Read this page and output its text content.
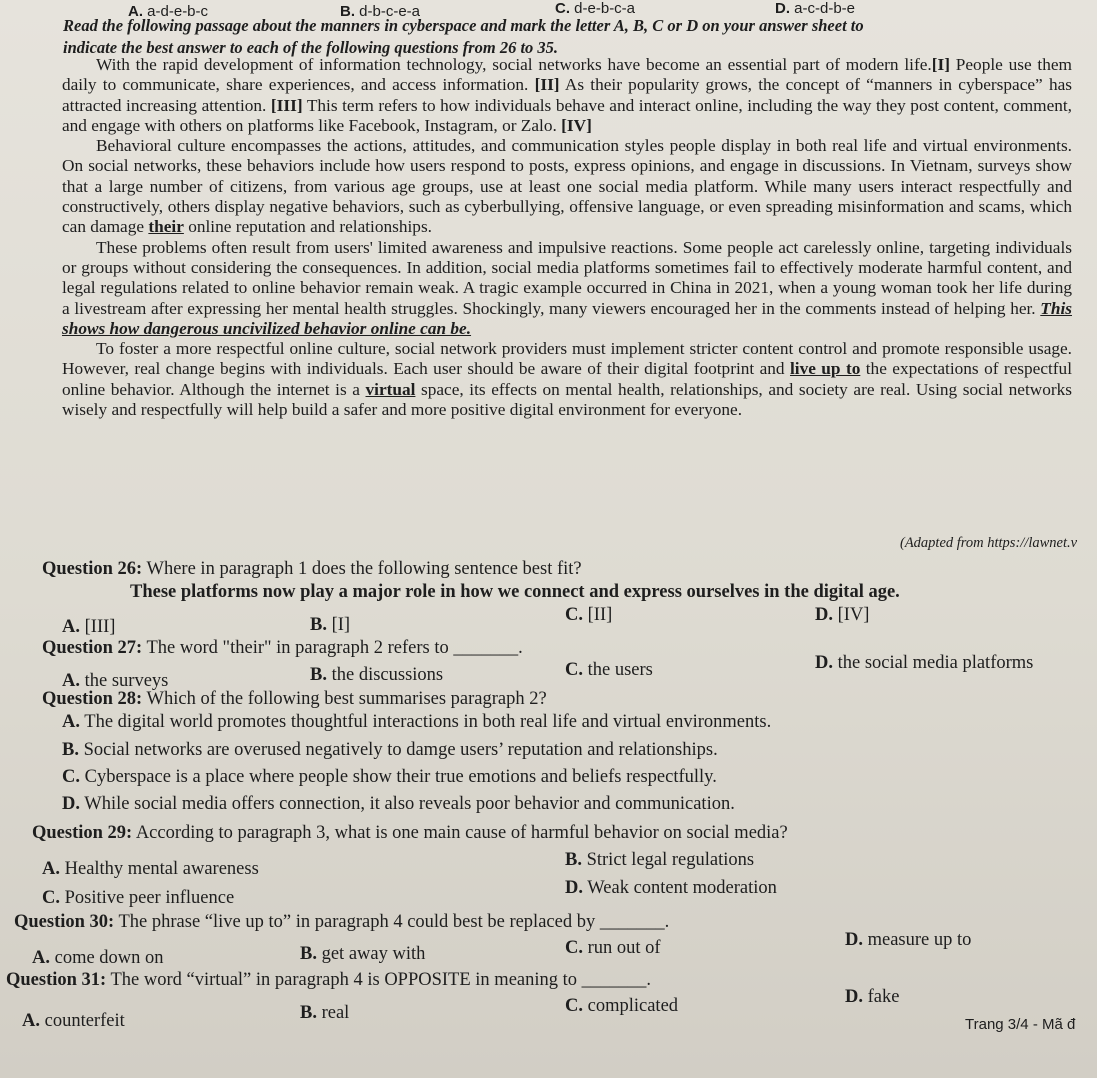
A. a-d-e-b-c	B. d-b-c-e-a	C. d-e-b-c-a	D. a-c-d-b-e
Read the following passage about the manners in cyberspace and mark the letter A, B, C or D on your answer sheet to
indicate the best answer to each of the following questions from 26 to 35.

With the rapid development of information technology, social networks have become an essential part of modern life.[I] People use them daily to communicate, share experiences, and access information. [II] As their popularity grows, the concept of “manners in cyberspace” has attracted increasing attention. [III] This term refers to how individuals behave and interact online, including the way they post content, comment, and engage with others on platforms like Facebook, Instagram, or Zalo. [IV]

Behavioral culture encompasses the actions, attitudes, and communication styles people display in both real life and virtual environments. On social networks, these behaviors include how users respond to posts, express opinions, and engage in discussions. In Vietnam, surveys show that a large number of citizens, from various age groups, use at least one social media platform. While many users interact respectfully and constructively, others display negative behaviors, such as cyberbullying, offensive language, or even spreading misinformation and scams, which can damage their online reputation and relationships.

These problems often result from users' limited awareness and impulsive reactions. Some people act carelessly online, targeting individuals or groups without considering the consequences. In addition, social media platforms sometimes fail to effectively moderate harmful content, and legal regulations related to online behavior remain weak. A tragic example occurred in China in 2021, when a young woman took her life during a livestream after expressing her mental health struggles. Shockingly, many viewers encouraged her in the comments instead of helping her. This shows how dangerous uncivilized behavior online can be.

To foster a more respectful online culture, social network providers must implement stricter content control and promote responsible usage. However, real change begins with individuals. Each user should be aware of their digital footprint and live up to the expectations of respectful online behavior. Although the internet is a virtual space, its effects on mental health, relationships, and society are real. Using social networks wisely and respectfully will help build a safer and more positive digital environment for everyone.

(Adapted from https://lawnet.v
Question 26: Where in paragraph 1 does the following sentence best fit?
These platforms now play a major role in how we connect and express ourselves in the digital age.
A. [III]	B. [I]	C. [II]	D. [IV]
Question 27: The word "their" in paragraph 2 refers to _______.
A. the surveys	B. the discussions	C. the users	D. the social media platforms
Question 28: Which of the following best summarises paragraph 2?
A. The digital world promotes thoughtful interactions in both real life and virtual environments.
B. Social networks are overused negatively to damge users’ reputation and relationships.
C. Cyberspace is a place where people show their true emotions and beliefs respectfully.
D. While social media offers connection, it also reveals poor behavior and communication.
Question 29: According to paragraph 3, what is one main cause of harmful behavior on social media?
A. Healthy mental awareness	B. Strict legal regulations
C. Positive peer influence	D. Weak content moderation
Question 30: The phrase “live up to” in paragraph 4 could best be replaced by _______.
A. come down on	B. get away with	C. run out of	D. measure up to
Question 31: The word “virtual” in paragraph 4 is OPPOSITE in meaning to _______.
A. counterfeit	B. real	C. complicated	D. fake
Trang 3/4 - Mã đ
